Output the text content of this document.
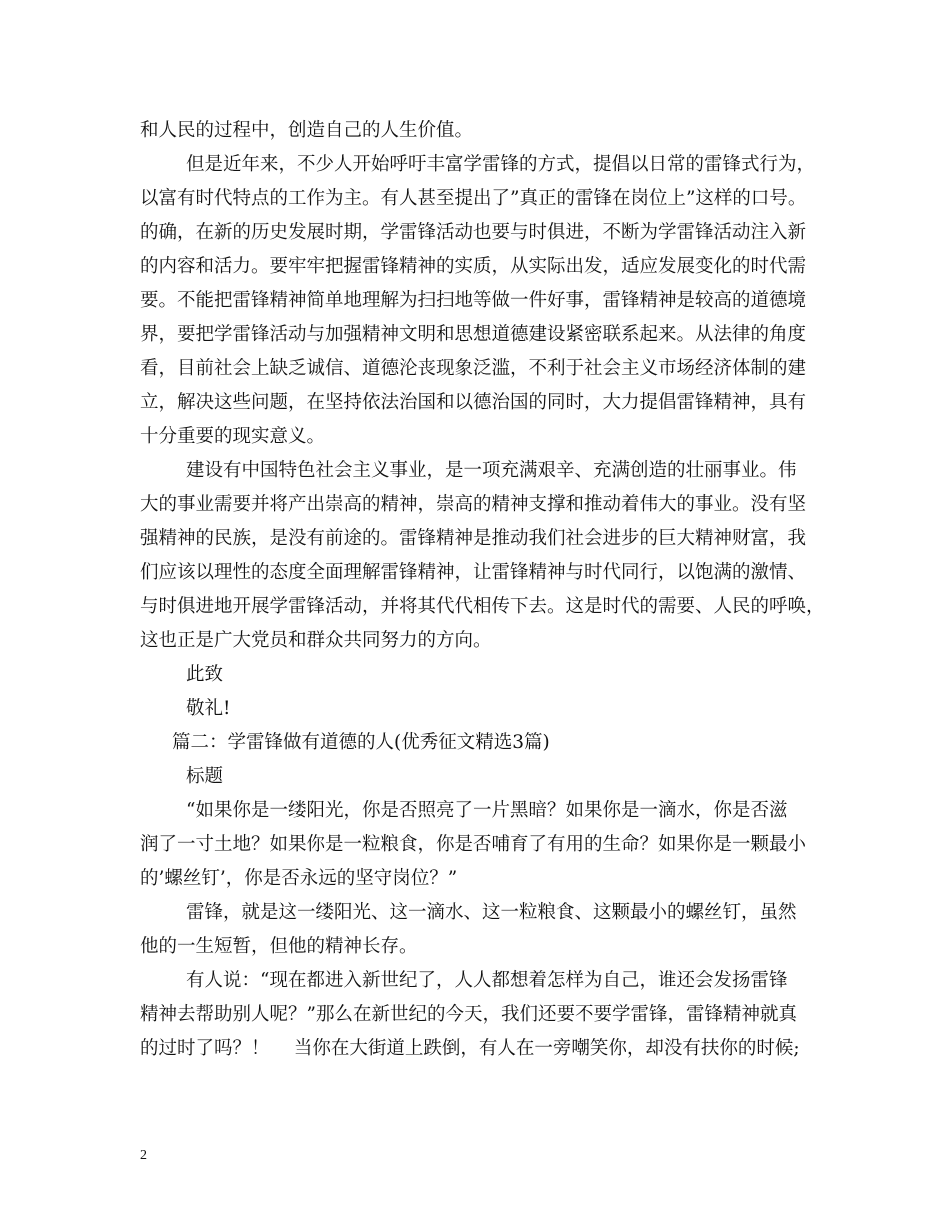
和人民的过程中，创造自己的人生价值。
但是近年来，不少人开始呼吁丰富学雷锋的方式，提倡以日常的雷锋式行为，
以富有时代特点的工作为主。有人甚至提出了”真正的雷锋在岗位上”这样的口号。
的确，在新的历史发展时期，学雷锋活动也要与时俱进，不断为学雷锋活动注入新
的内容和活力。要牢牢把握雷锋精神的实质，从实际出发，适应发展变化的时代需
要。不能把雷锋精神简单地理解为扫扫地等做一件好事，雷锋精神是较高的道德境
界，要把学雷锋活动与加强精神文明和思想道德建设紧密联系起来。从法律的角度
看，目前社会上缺乏诚信、道德沦丧现象泛滥，不利于社会主义市场经济体制的建
立，解决这些问题，在坚持依法治国和以德治国的同时，大力提倡雷锋精神，具有
十分重要的现实意义。
建设有中国特色社会主义事业，是一项充满艰辛、充满创造的壮丽事业。伟
大的事业需要并将产出崇高的精神，崇高的精神支撑和推动着伟大的事业。没有坚
强精神的民族，是没有前途的。雷锋精神是推动我们社会进步的巨大精神财富，我
们应该以理性的态度全面理解雷锋精神，让雷锋精神与时代同行，以饱满的激情、
与时俱进地开展学雷锋活动，并将其代代相传下去。这是时代的需要、人民的呼唤，
这也正是广大党员和群众共同努力的方向。
此致
敬礼!
篇二：学雷锋做有道德的人(优秀征文精选3篇)
标题
“如果你是一缕阳光，你是否照亮了一片黑暗？如果你是一滴水，你是否滋
润了一寸土地？如果你是一粒粮食，你是否哺育了有用的生命？如果你是一颗最小
的’螺丝钉’，你是否永远的坚守岗位？”
雷锋，就是这一缕阳光、这一滴水、这一粒粮食、这颗最小的螺丝钉，虽然
他的一生短暂，但他的精神长存。
有人说：“现在都进入新世纪了，人人都想着怎样为自己，谁还会发扬雷锋
精神去帮助别人呢？”那么在新世纪的今天，我们还要不要学雷锋，雷锋精神就真
的过时了吗？！　 当你在大街道上跌倒，有人在一旁嘲笑你，却没有扶你的时候;
2
